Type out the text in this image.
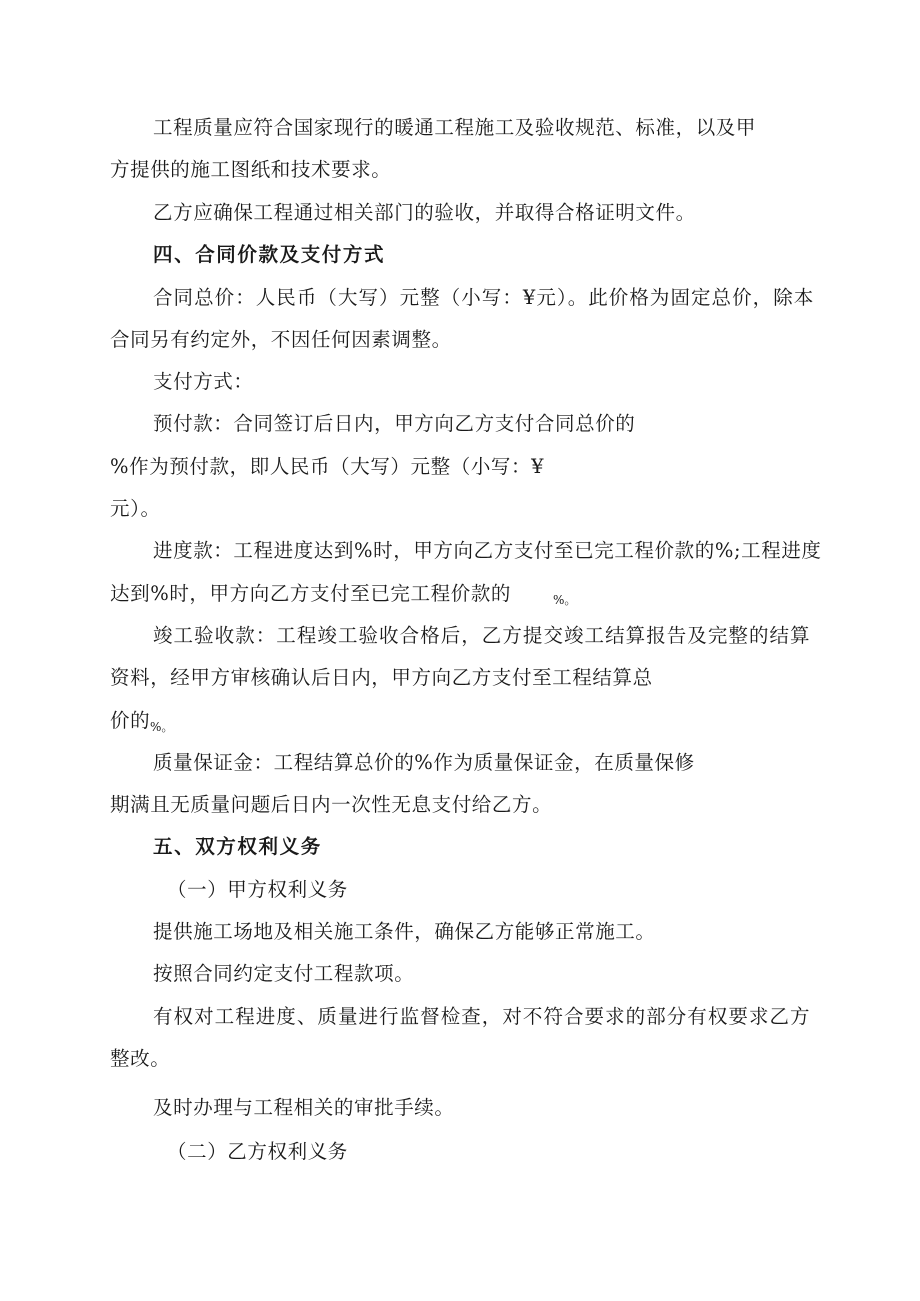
工程质量应符合国家现行的暖通工程施工及验收规范、标准，以及甲
方提供的施工图纸和技术要求。
乙方应确保工程通过相关部门的验收，并取得合格证明文件。
四、合同价款及支付方式
合同总价：人民币（大写）元整（小写：¥元）。此价格为固定总价，除本
合同另有约定外，不因任何因素调整。
支付方式：
预付款：合同签订后日内，甲方向乙方支付合同总价的
%作为预付款，即人民币（大写）元整（小写：¥
元）。
进度款：工程进度达到%时，甲方向乙方支付至已完工程价款的%;工程进度
达到%时，甲方向乙方支付至已完工程价款的	%。
竣工验收款：工程竣工验收合格后，乙方提交竣工结算报告及完整的结算
资料，经甲方审核确认后日内，甲方向乙方支付至工程结算总
价的 %。
质量保证金：工程结算总价的%作为质量保证金，在质量保修
期满且无质量问题后日内一次性无息支付给乙方。
五、双方权利义务
（一）甲方权利义务
提供施工场地及相关施工条件，确保乙方能够正常施工。
按照合同约定支付工程款项。
有权对工程进度、质量进行监督检查，对不符合要求的部分有权要求乙方
整改。
及时办理与工程相关的审批手续。
（二）乙方权利义务
